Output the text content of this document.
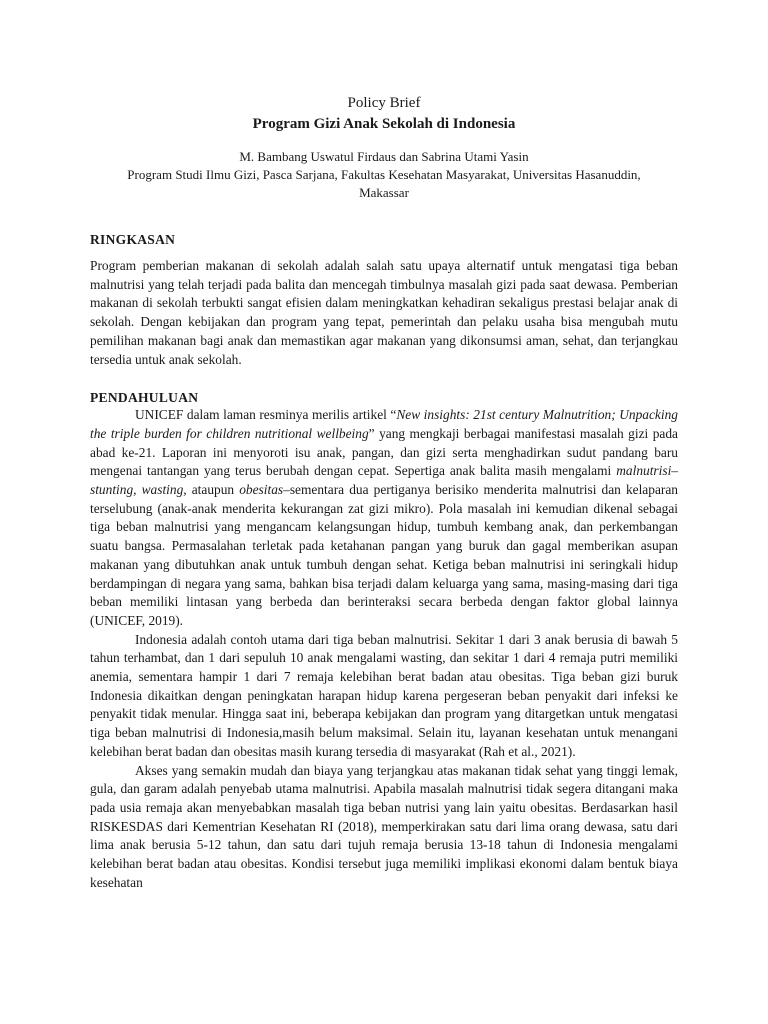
Policy Brief

Program Gizi Anak Sekolah di Indonesia

M. Bambang Uswatul Firdaus dan Sabrina Utami Yasin

Program Studi Ilmu Gizi, Pasca Sarjana, Fakultas Kesehatan Masyarakat, Universitas Hasanuddin,

Makassar

RINGKASAN

Program pemberian makanan di sekolah adalah salah satu upaya alternatif untuk mengatasi tiga beban malnutrisi yang telah terjadi pada balita dan mencegah timbulnya masalah gizi pada saat dewasa. Pemberian makanan di sekolah terbukti sangat efisien dalam meningkatkan kehadiran sekaligus prestasi belajar anak di sekolah. Dengan kebijakan dan program yang tepat, pemerintah dan pelaku usaha bisa mengubah mutu pemilihan makanan bagi anak dan memastikan agar makanan yang dikonsumsi aman, sehat, dan terjangkau tersedia untuk anak sekolah.

PENDAHULUAN

UNICEF dalam laman resminya merilis artikel “New insights: 21st century Malnutrition; Unpacking the triple burden for children nutritional wellbeing” yang mengkaji berbagai manifestasi masalah gizi pada abad ke-21. Laporan ini menyoroti isu anak, pangan, dan gizi serta menghadirkan sudut pandang baru mengenai tantangan yang terus berubah dengan cepat. Sepertiga anak balita masih mengalami malnutrisi–stunting, wasting, ataupun obesitas–sementara dua pertiganya berisiko menderita malnutrisi dan kelaparan terselubung (anak-anak menderita kekurangan zat gizi mikro). Pola masalah ini kemudian dikenal sebagai tiga beban malnutrisi yang mengancam kelangsungan hidup, tumbuh kembang anak, dan perkembangan suatu bangsa. Permasalahan terletak pada ketahanan pangan yang buruk dan gagal memberikan asupan makanan yang dibutuhkan anak untuk tumbuh dengan sehat. Ketiga beban malnutrisi ini seringkali hidup berdampingan di negara yang sama, bahkan bisa terjadi dalam keluarga yang sama, masing-masing dari tiga beban memiliki lintasan yang berbeda dan berinteraksi secara berbeda dengan faktor global lainnya (UNICEF, 2019).

Indonesia adalah contoh utama dari tiga beban malnutrisi. Sekitar 1 dari 3 anak berusia di bawah 5 tahun terhambat, dan 1 dari sepuluh 10 anak mengalami wasting, dan sekitar 1 dari 4 remaja putri memiliki anemia, sementara hampir 1 dari 7 remaja kelebihan berat badan atau obesitas. Tiga beban gizi buruk Indonesia dikaitkan dengan peningkatan harapan hidup karena pergeseran beban penyakit dari infeksi ke penyakit tidak menular. Hingga saat ini, beberapa kebijakan dan program yang ditargetkan untuk mengatasi tiga beban malnutrisi di Indonesia,masih belum maksimal. Selain itu, layanan kesehatan untuk menangani kelebihan berat badan dan obesitas masih kurang tersedia di masyarakat (Rah et al., 2021).

Akses yang semakin mudah dan biaya yang terjangkau atas makanan tidak sehat yang tinggi lemak, gula, dan garam adalah penyebab utama malnutrisi. Apabila masalah malnutrisi tidak segera ditangani maka pada usia remaja akan menyebabkan masalah tiga beban nutrisi yang lain yaitu obesitas. Berdasarkan hasil RISKESDAS dari Kementrian Kesehatan RI (2018), memperkirakan satu dari lima orang dewasa, satu dari lima anak berusia 5-12 tahun, dan satu dari tujuh remaja berusia 13-18 tahun di Indonesia mengalami kelebihan berat badan atau obesitas. Kondisi tersebut juga memiliki implikasi ekonomi dalam bentuk biaya kesehatan
